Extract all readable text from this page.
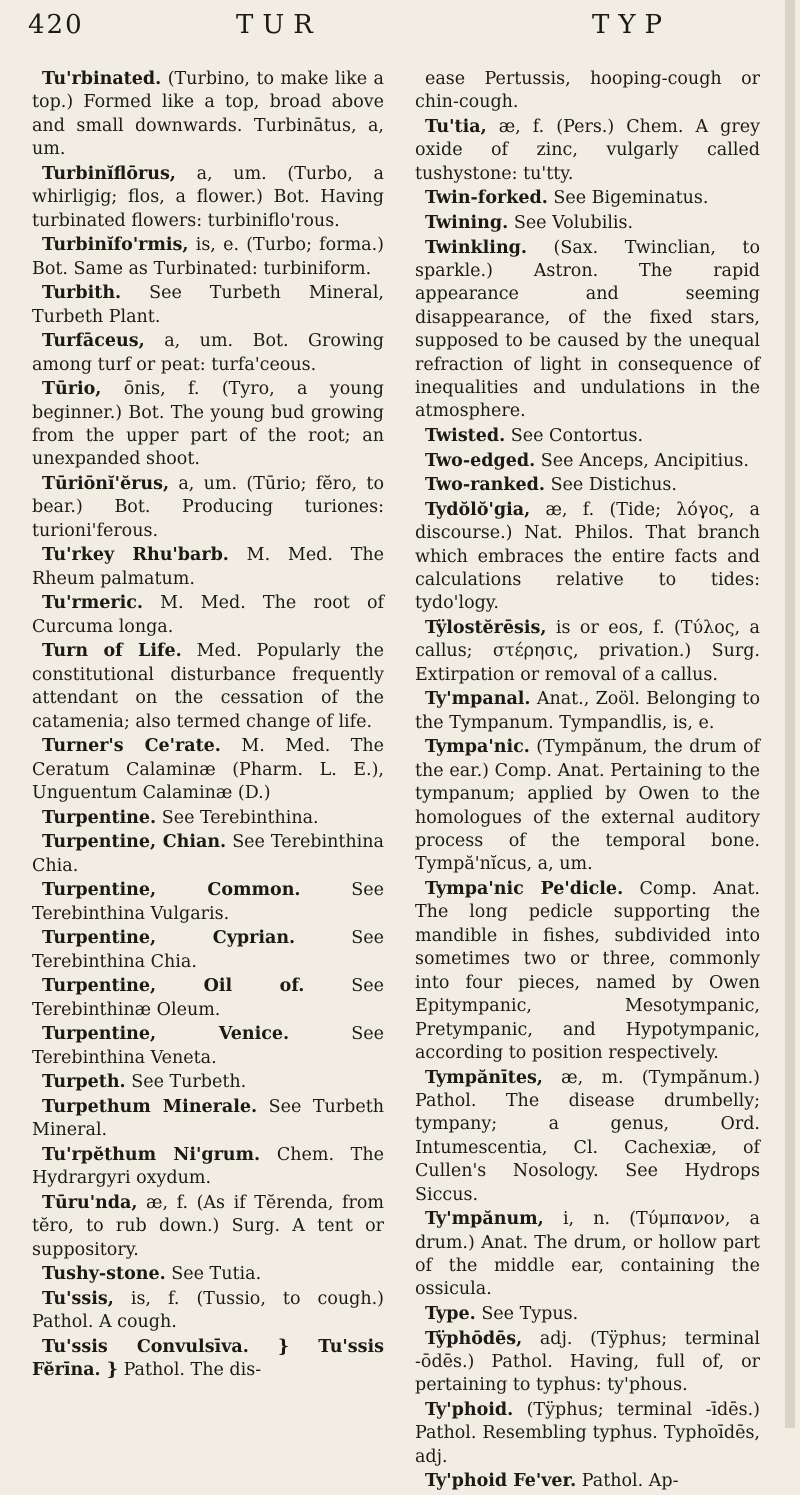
420	TUR	TYP

Tu'rbinated. (Turbino, to make like a top.) Formed like a top, broad above and small downwards. Turbinātus, a, um.

Turbinĭflōrus, a, um. (Turbo, a whirligig; flos, a flower.) Bot. Having turbinated flowers: turbiniflo'rous.

Turbinĭfo'rmis, is, e. (Turbo; forma.) Bot. Same as Turbinated: turbiniform.

Turbith. See Turbeth Mineral, Turbeth Plant.

Turfāceus, a, um. Bot. Growing among turf or peat: turfa'ceous.

Tūrio, ōnis, f. (Tyro, a young beginner.) Bot. The young bud growing from the upper part of the root; an unexpanded shoot.

Tūriōnĭ'ĕrus, a, um. (Tūrio; fĕro, to bear.) Bot. Producing turiones: turioni'ferous.

Tu'rkey Rhu'barb. M. Med. The Rheum palmatum.

Tu'rmeric. M. Med. The root of Curcuma longa.

Turn of Life. Med. Popularly the constitutional disturbance frequently attendant on the cessation of the catamenia; also termed change of life.

Turner's Ce'rate. M. Med. The Ceratum Calaminæ (Pharm. L. E.), Unguentum Calaminæ (D.)

Turpentine. See Terebinthina.

Turpentine, Chian. See Terebinthina Chia.

Turpentine, Common.	See Terebinthina Vulgaris.

Turpentine, Cyprian.	See Terebinthina Chia.

Turpentine, Oil of.	See Terebinthinæ Oleum.

Turpentine, Venice.	See Terebinthina Veneta.

Turpeth. See Turbeth.

Turpethum Minerale. See Turbeth Mineral.

Tu'rpĕthum Ni'grum. Chem. The Hydrargyri oxydum.

Tūru'nda, æ, f. (As if Tĕrenda, from tĕro, to rub down.) Surg. A tent or suppository.

Tushy-stone. See Tutia.

Tu'ssis, is, f. (Tussio, to cough.) Pathol. A cough.

Tu'ssis Convulsīva. } Tu'ssis Fĕrīna. } Pathol. The dis-

ease Pertussis, hooping-cough or chin-cough.

Tu'tia, æ, f. (Pers.) Chem. A grey oxide of zinc, vulgarly called tushystone: tu'tty.

Twin-forked. See Bigeminatus.

Twining. See Volubilis.

Twinkling. (Sax. Twinclian, to sparkle.) Astron. The rapid appearance and seeming disappearance, of the fixed stars, supposed to be caused by the unequal refraction of light in consequence of inequalities and undulations in the atmosphere.

Twisted. See Contortus.

Two-edged. See Anceps, Ancipitius.

Two-ranked. See Distichus.

Tydŏlŏ'gia, æ, f. (Tide; λόγος, a discourse.) Nat. Philos. That branch which embraces the entire facts and calculations relative to tides: tydo'logy.

Tÿlostĕrēsis, is or eos, f. (Τύλος, a callus; στέρησις, privation.) Surg. Extirpation or removal of a callus.

Ty'mpanal. Anat., Zoöl. Belonging to the Tympanum. Tympandlis, is, e.

Tympa'nic. (Tympănum, the drum of the ear.) Comp. Anat. Pertaining to the tympanum; applied by Owen to the homologues of the external auditory process of the temporal bone. Tympă'nĭcus, a, um.

Tympa'nic Pe'dicle. Comp. Anat. The long pedicle supporting the mandible in fishes, subdivided into sometimes two or three, commonly into four pieces, named by Owen Epitympanic, Mesotympanic, Pretympanic, and Hypotympanic, according to position respectively.

Tympănītes, æ, m. (Tympănum.) Pathol. The disease drumbelly; tympany; a genus, Ord. Intumescentia, Cl. Cachexiæ, of Cullen's Nosology. See Hydrops Siccus.

Ty'mpănum, i, n. (Τύμπανον, a drum.) Anat. The drum, or hollow part of the middle ear, containing the ossicula.

Type. See Typus.

Tÿphōdēs, adj. (Tÿphus; terminal -ōdēs.) Pathol. Having, full of, or pertaining to typhus: ty'phous.

Ty'phoid. (Tÿphus; terminal -īdēs.) Pathol. Resembling typhus. Typhoīdēs, adj.

Ty'phoid Fe'ver. Pathol. Ap-
